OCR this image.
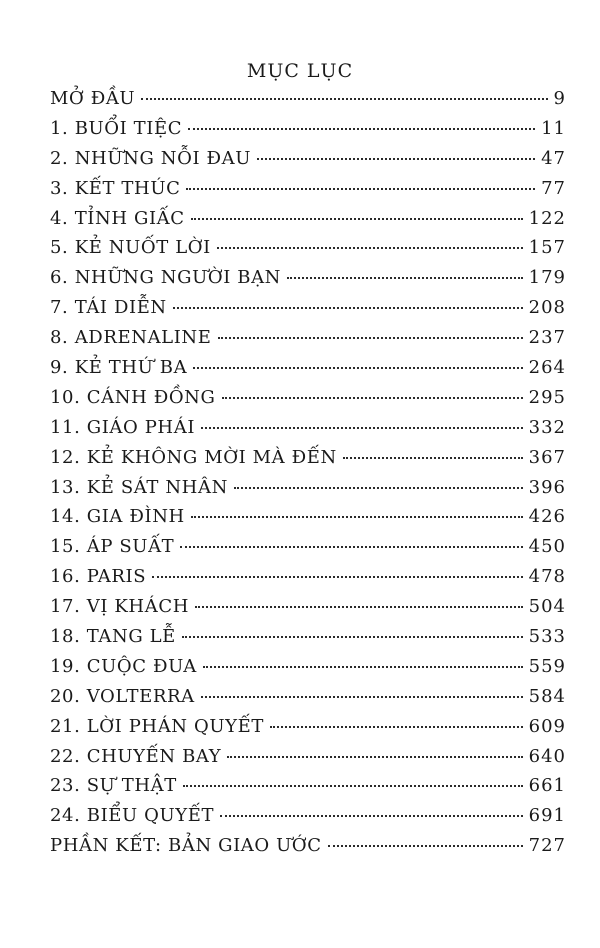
MỤC LỤC
MỞ ĐẦU	9
1. BUỔI TIỆC	11
2. NHỮNG NỖI ĐAU	47
3. KẾT THÚC	77
4. TỈNH GIẤC	122
5. KẺ NUỐT LỜI	157
6. NHỮNG NGƯỜI BẠN	179
7. TÁI DIỄN	208
8. ADRENALINE	237
9. KẺ THỨ BA	264
10. CÁNH ĐỒNG	295
11. GIÁO PHÁI	332
12. KẺ KHÔNG MỜI MÀ ĐẾN	367
13. KẺ SÁT NHÂN	396
14. GIA ĐÌNH	426
15. ÁP SUẤT	450
16. PARIS	478
17. VỊ KHÁCH	504
18. TANG LỄ	533
19. CUỘC ĐUA	559
20. VOLTERRA	584
21. LỜI PHÁN QUYẾT	609
22. CHUYẾN BAY	640
23. SỰ THẬT	661
24. BIỂU QUYẾT	691
PHẦN KẾT: BẢN GIAO ƯỚC	727
